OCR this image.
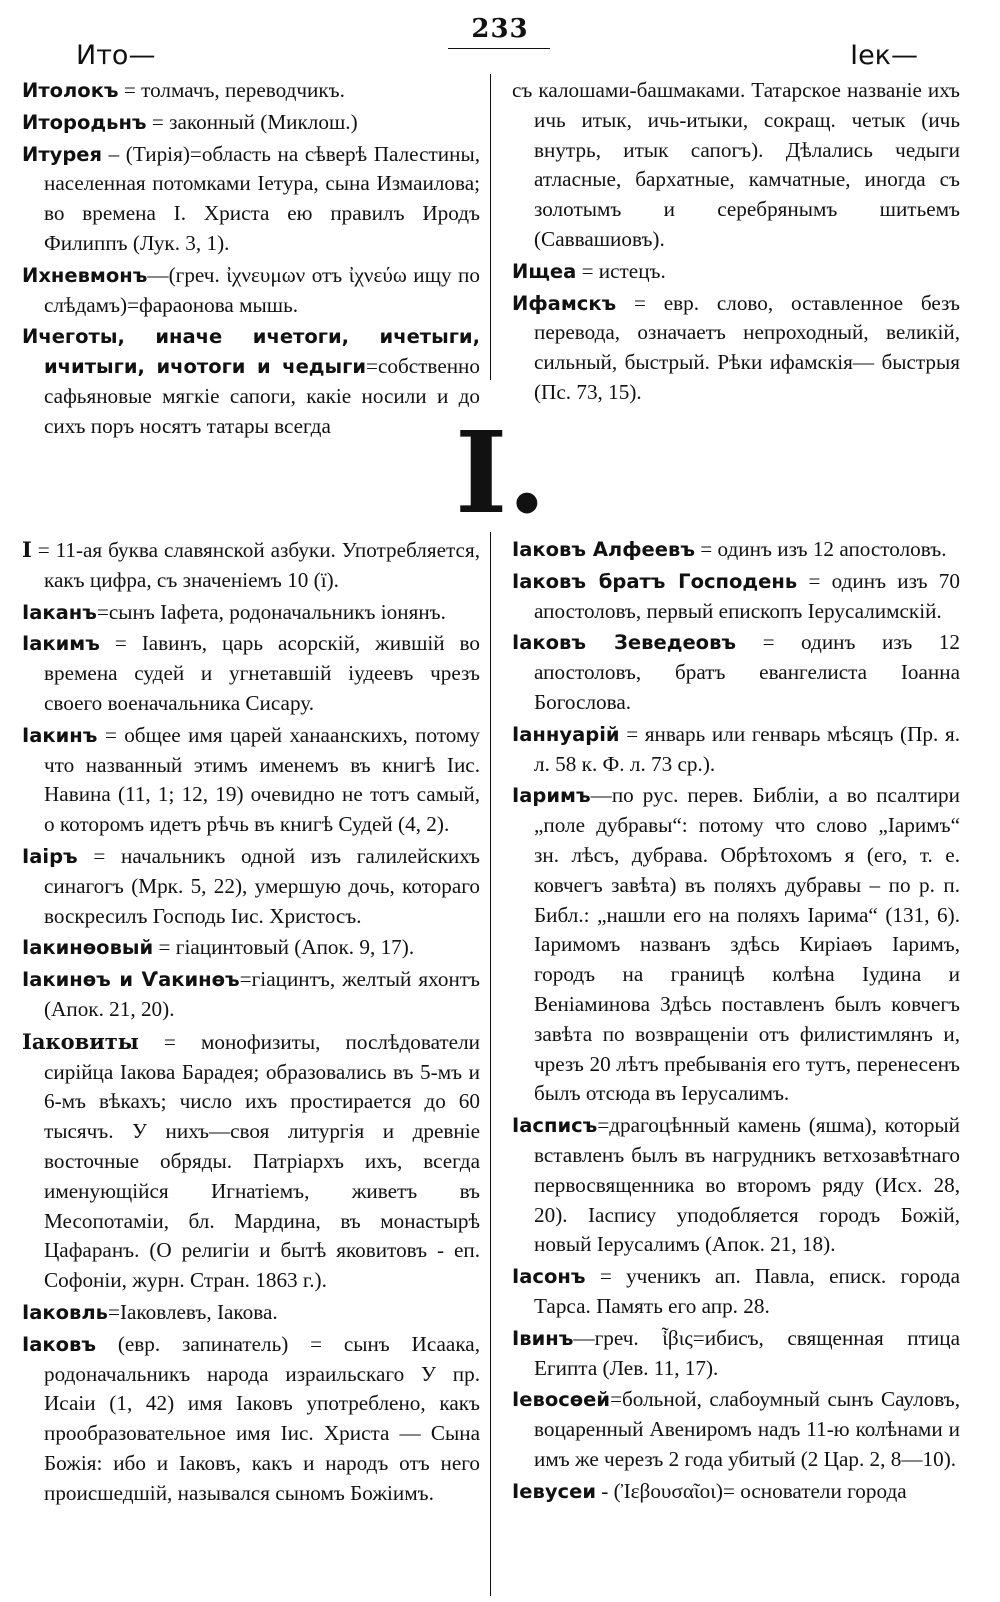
233
Ито—	Іек—

Итолокъ = толмачъ, переводчикъ.

Итородьнъ = законный (Миклош.)

Итурея – (Тирія)=область на сѣверѣ Палестины, населенная потомками Іетура, сына Измаилова; во времена І. Христа ею правилъ Иродъ Филиппъ (Лук. 3, 1).

Ихневмонъ—(греч. ἰχνευμων отъ ἰχνεύω ищу по слѣдамъ)=фараонова мышь.

Ичеготы, иначе ичетоги, ичетыги, ичитыги, ичотоги и чедыги=собственно сафьяновые мягкіе сапоги, какіе носили и до сихъ поръ носятъ татары всегда

съ калошами-башмаками. Татарское названіе ихъ ичь итык, ичь-итыки, сокращ. четык (ичь внутрь, итык сапогъ). Дѣлались чедыги атласные, бархатные, камчатные, иногда съ золотымъ и серебрянымъ шитьемъ (Саввашиовъ).

Ищеа = истецъ.

Ифамскъ = евр. слово, оставленное безъ перевода, означаетъ непроходный, великій, сильный, быстрый. Рѣки ифамскія— быстрыя (Пс. 73, 15).

І.

І = 11-ая буква славянской азбуки. Употребляется, какъ цифра, съ значеніемъ 10 (ї).

Іаканъ=сынъ Іафета, родоначальникъ іонянъ.

Іакимъ = Іавинъ, царь асорскій, жившій во времена судей и угнетавшій іудеевъ чрезъ своего военачальника Сисару.

Іакинъ = общее имя царей ханаанскихъ, потому что названный этимъ именемъ въ книгѣ Іис. Навина (11, 1; 12, 19) очевидно не тотъ самый, о которомъ идетъ рѣчь въ книгѣ Судей (4, 2).

Іаіръ = начальникъ одной изъ галилейскихъ синагогъ (Мрк. 5, 22), умершую дочь, котораго воскресилъ Господь Іис. Христосъ.

Іакинѳовый = гіацинтовый (Апок. 9, 17).

Іакинѳъ и Ѵакинѳъ=гіацинтъ, желтый яхонтъ (Апок. 21, 20).

Іаковиты = монофизиты, послѣдователи сирійца Іакова Барадея; образовались въ 5-мъ и 6-мъ вѣкахъ; число ихъ простирается до 60 тысячъ. У нихъ—своя литургія и древніе восточные обряды. Патріархъ ихъ, всегда именующійся Игнатіемъ, живетъ въ Месопотаміи, бл. Мардина, въ монастырѣ Цафаранъ. (О религіи и бытѣ яковитовъ - еп. Софоніи, журн. Стран. 1863 г.).

Іаковль=Іаковлевъ, Іакова.

Іаковъ (евр. запинатель) = сынъ Исаака, родоначальникъ народа израильскаго У пр. Исаіи (1, 42) имя Іаковъ употреблено, какъ прообразовательное имя Іис. Христа — Сына Божія: ибо и Іаковъ, какъ и народъ отъ него происшедшій, назывался сыномъ Божіимъ.

Іаковъ Алфеевъ = одинъ изъ 12 апостоловъ.

Іаковъ братъ Господень = одинъ изъ 70 апостоловъ, первый епископъ Іерусалимскій.

Іаковъ Зеведеовъ = одинъ изъ 12 апостоловъ, братъ евангелиста Іоанна Богослова.

Іаннуарій = январь или генварь мѣсяцъ (Пр. я. л. 58 к. Ф. л. 73 ср.).

Іаримъ—по рус. перев. Библіи, а во псалтири „поле дубравы“: потому что слово „Іаримъ“ зн. лѣсъ, дубрава. Обрѣтохомъ я (его, т. е. ковчегъ завѣта) въ поляхъ дубравы – по р. п. Библ.: „нашли его на поляхъ Іарима“ (131, 6). Іаримомъ названъ здѣсь Киріаѳъ Іаримъ, городъ на границѣ колѣна Іудина и Веніаминова Здѣсь поставленъ былъ ковчегъ завѣта по возвращеніи отъ филистимлянъ и, чрезъ 20 лѣтъ пребыванія его тутъ, перенесенъ былъ отсюда въ Іерусалимъ.

Іасписъ=драгоцѣнный камень (яшма), который вставленъ былъ въ нагрудникъ ветхозавѣтнаго первосвященника во второмъ ряду (Исх. 28, 20). Іаспису уподобляется городъ Божій, новый Іерусалимъ (Апок. 21, 18).

Іасонъ = ученикъ ап. Павла, еписк. города Тарса. Память его апр. 28.

Івинъ—греч. ἶβις=ибисъ, священная птица Египта (Лев. 11, 17).

Іевосѳей=больной, слабоумный сынъ Сауловъ, воцаренный Авениромъ надъ 11-ю колѣнами и имъ же черезъ 2 года убитый (2 Цар. 2, 8—10).

Іевусеи - (Ἰεβουσαῖοι)= основатели города
